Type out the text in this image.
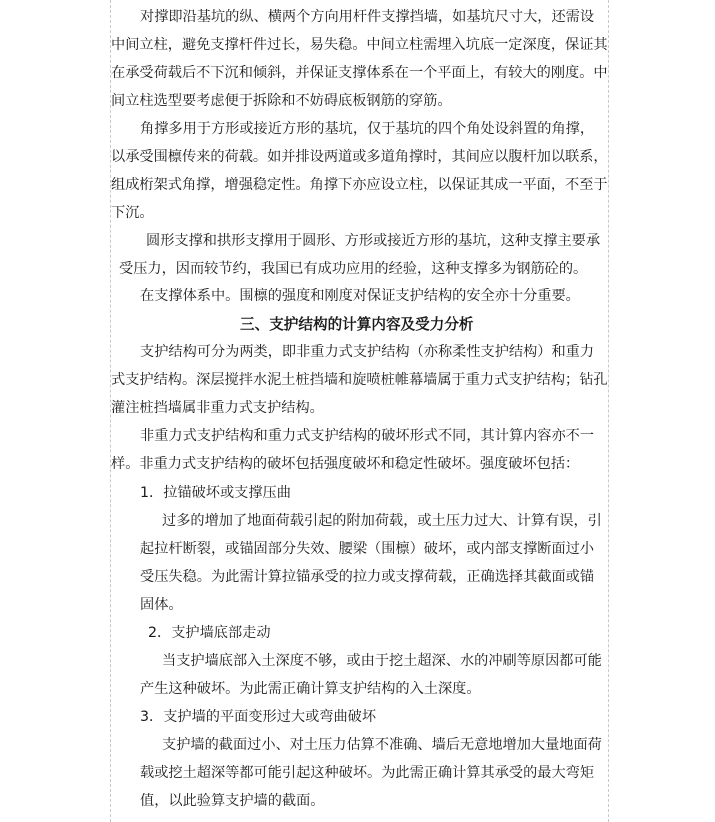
对撑即沿基坑的纵、横两个方向用杆件支撑挡墙，如基坑尺寸大，还需设
中间立柱，避免支撑杆件过长，易失稳。中间立柱需埋入坑底一定深度，保证其
在承受荷载后不下沉和倾斜，并保证支撑体系在一个平面上，有较大的刚度。中
间立柱选型要考虑便于拆除和不妨碍底板钢筋的穿筋。
角撑多用于方形或接近方形的基坑，仅于基坑的四个角处设斜置的角撑，
以承受围檩传来的荷载。如并排设两道或多道角撑时，其间应以腹杆加以联系，
组成桁架式角撑，增强稳定性。角撑下亦应设立柱，以保证其成一平面，不至于
下沉。
圆形支撑和拱形支撑用于圆形、方形或接近方形的基坑，这种支撑主要承
受压力，因而较节约，我国已有成功应用的经验，这种支撑多为钢筋砼的。
在支撑体系中。围檩的强度和刚度对保证支护结构的安全亦十分重要。
三、支护结构的计算内容及受力分析
支护结构可分为两类，即非重力式支护结构（亦称柔性支护结构）和重力
式支护结构。深层搅拌水泥土桩挡墙和旋喷桩帷幕墙属于重力式支护结构；钻孔
灌注桩挡墙属非重力式支护结构。
非重力式支护结构和重力式支护结构的破坏形式不同，其计算内容亦不一
样。非重力式支护结构的破坏包括强度破坏和稳定性破坏。强度破坏包括：
1．拉锚破坏或支撑压曲
过多的增加了地面荷载引起的附加荷载，或土压力过大、计算有误，引
起拉杆断裂，或锚固部分失效、腰梁（围檩）破坏，或内部支撑断面过小
受压失稳。为此需计算拉锚承受的拉力或支撑荷载，正确选择其截面或锚
固体。
2．支护墙底部走动
当支护墙底部入土深度不够，或由于挖土超深、水的冲刷等原因都可能
产生这种破坏。为此需正确计算支护结构的入土深度。
3．支护墙的平面变形过大或弯曲破坏
支护墙的截面过小、对土压力估算不准确、墙后无意地增加大量地面荷
载或挖土超深等都可能引起这种破坏。为此需正确计算其承受的最大弯矩
值，以此验算支护墙的截面。
